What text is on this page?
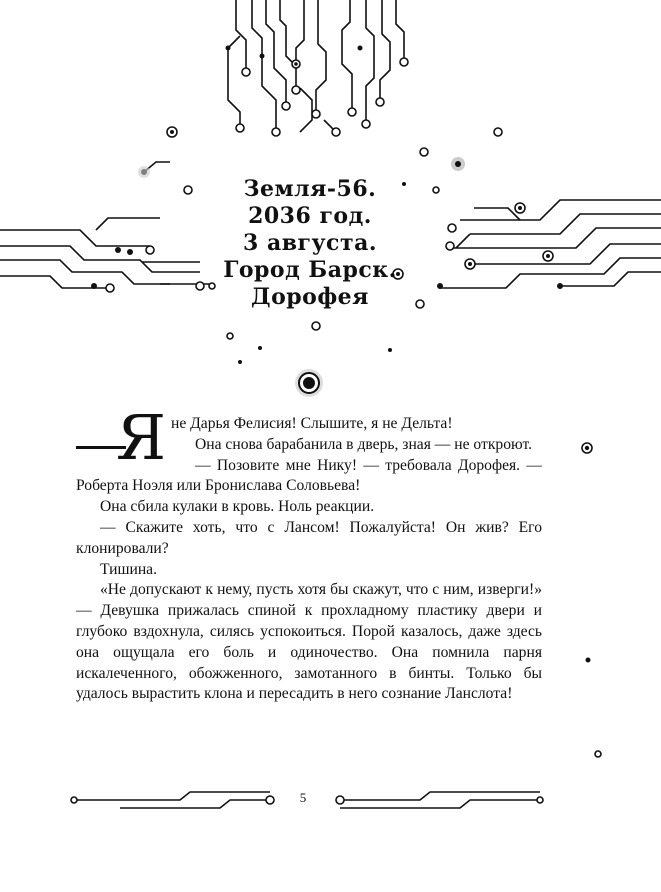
Земля-56.
2036 год.
3 августа.
Город Барск.
Дорофея
Я не Дарья Фелисия! Слышите, я не Дельта!

Она снова барабанила в дверь, зная — не откроют.

— Позовите мне Нику! — требовала Дорофея. — Роберта Ноэля или Брониславa Соловьева!

Она сбила кулаки в кровь. Ноль реакции.

— Скажите хоть, что с Лансом! Пожалуйста! Он жив? Его клонировали?

Тишина.

«Не допускают к нему, пусть хотя бы скажут, что с ним, изверги!» — Девушка прижалась спиной к прохладному пластику двери и глубоко вздохнула, силясь успокоиться. Порой казалось, даже здесь она ощущала его боль и одиночество. Она помнила парня искалеченного, обожженного, замотанного в бинты. Только бы удалось вырастить клона и пересадить в него сознание Ланслота!

5
